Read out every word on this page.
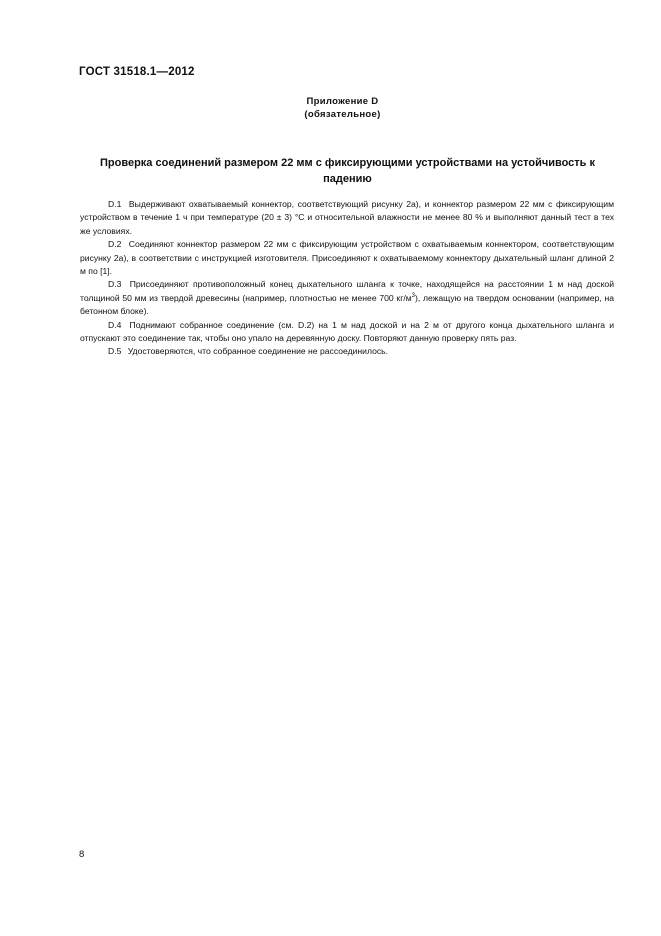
ГОСТ 31518.1—2012
Приложение D
(обязательное)
Проверка соединений размером 22 мм с фиксирующими устройствами на устойчивость к падению

D.1 Выдерживают охватываемый коннектор, соответствующий рисунку 2а), и коннектор размером 22 мм с фиксирующим устройством в течение 1 ч при температуре (20 ± 3) °С и относительной влажности не менее 80 % и выполняют данный тест в тех же условиях.

D.2 Соединяют коннектор размером 22 мм с фиксирующим устройством с охватываемым коннектором, соответствующим рисунку 2а), в соответствии с инструкцией изготовителя. Присоединяют к охватываемому коннектору дыхательный шланг длиной 2 м по [1].

D.3 Присоединяют противоположный конец дыхательного шланга к точке, находящейся на расстоянии 1 м над доской толщиной 50 мм из твердой древесины (например, плотностью не менее 700 $кг/м^3$), лежащую на твердом основании (например, на бетонном блоке).

D.4 Поднимают собранное соединение (см. D.2) на 1 м над доской и на 2 м от другого конца дыхательного шланга и отпускают это соединение так, чтобы оно упало на деревянную доску. Повторяют данную проверку пять раз.

D.5 Удостоверяются, что собранное соединение не рассоединилось.

8
